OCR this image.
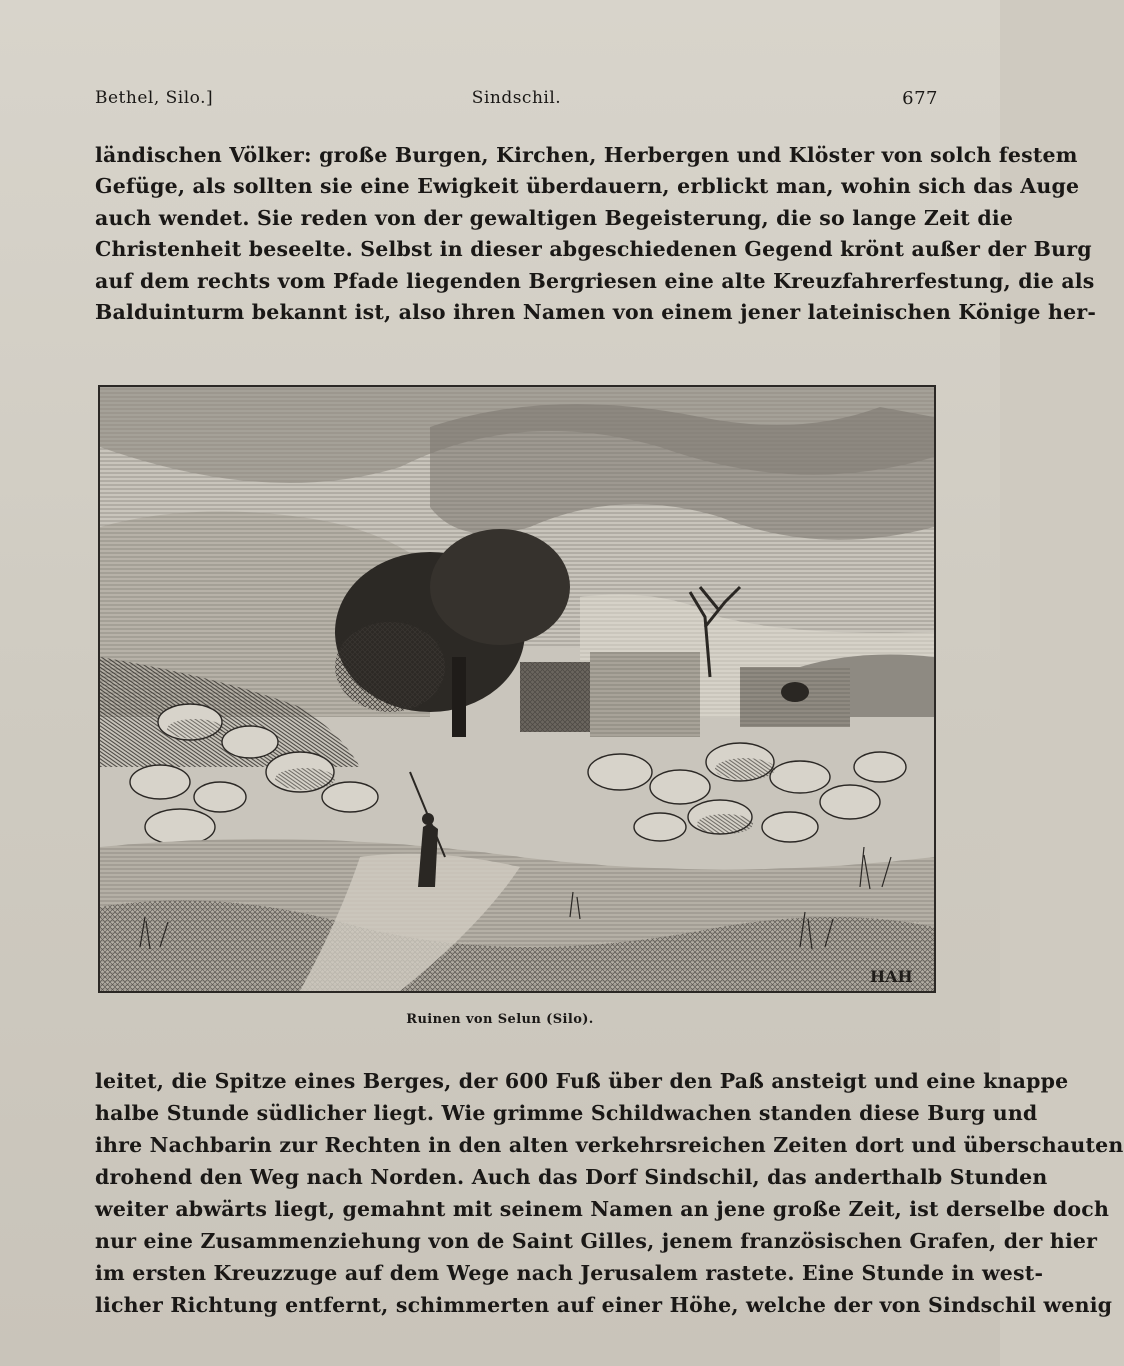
Bethel, Silo.]	Sindschil.	677
ländischen Völker: große Burgen, Kirchen, Herbergen und Klöster von solch festem
Gefüge, als sollten sie eine Ewigkeit überdauern, erblickt man, wohin sich das Auge
auch wendet. Sie reden von der gewaltigen Begeisterung, die so lange Zeit die
Christenheit beseelte. Selbst in dieser abgeschiedenen Gegend krönt außer der Burg
auf dem rechts vom Pfade liegenden Bergriesen eine alte Kreuzfahrerfestung, die als
Balduinturm bekannt ist, also ihren Namen von einem jener lateinischen Könige her-
HAH
Ruinen von Selun (Silo).
leitet, die Spitze eines Berges, der 600 Fuß über den Paß ansteigt und eine knappe
halbe Stunde südlicher liegt. Wie grimme Schildwachen standen diese Burg und
ihre Nachbarin zur Rechten in den alten verkehrsreichen Zeiten dort und überschauten
drohend den Weg nach Norden. Auch das Dorf Sindschil, das anderthalb Stunden
weiter abwärts liegt, gemahnt mit seinem Namen an jene große Zeit, ist derselbe doch
nur eine Zusammenziehung von de Saint Gilles, jenem französischen Grafen, der hier
im ersten Kreuzzuge auf dem Wege nach Jerusalem rastete. Eine Stunde in west-
licher Richtung entfernt, schimmerten auf einer Höhe, welche der von Sindschil wenig
